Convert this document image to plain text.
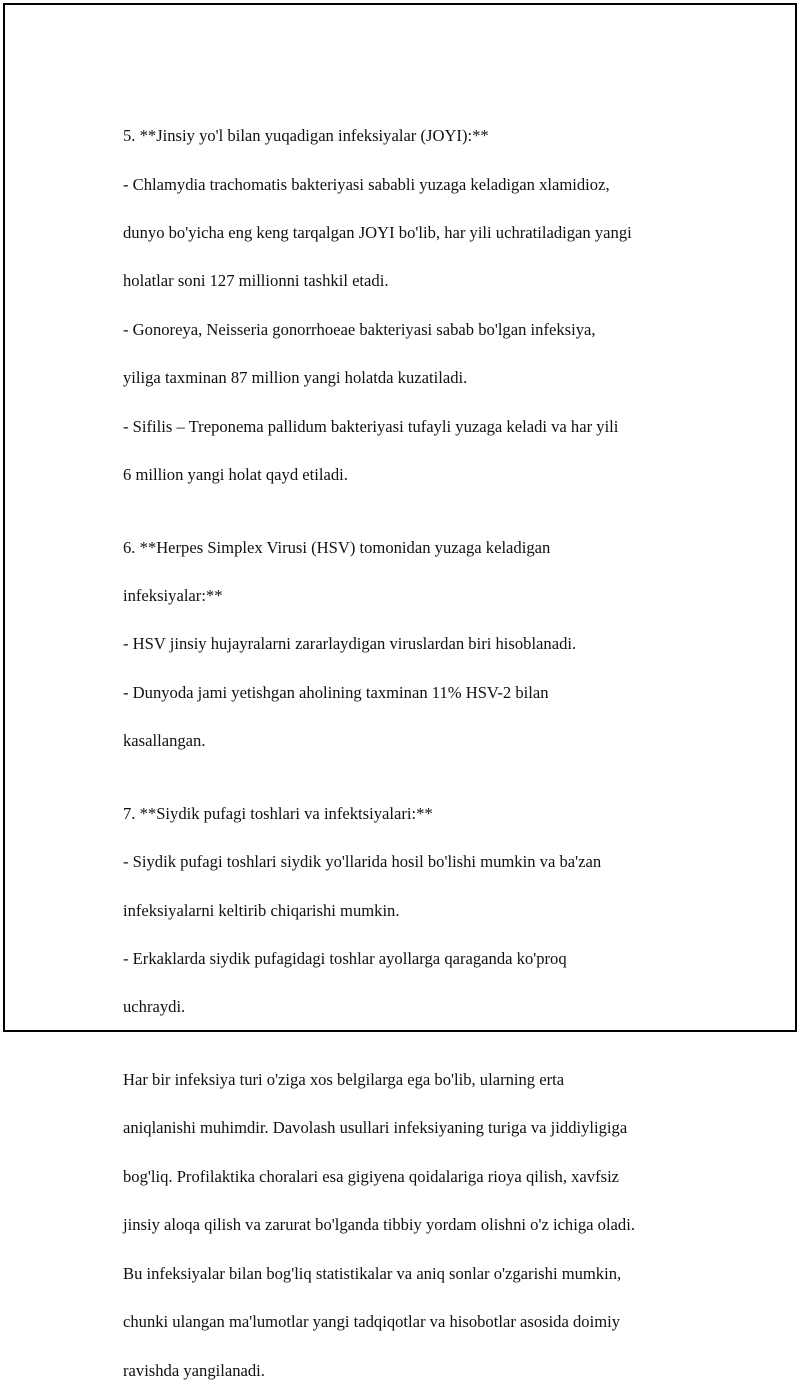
5. **Jinsiy yo'l bilan yuqadigan infeksiyalar (JOYI):**

- Chlamydia trachomatis bakteriyasi sababli yuzaga keladigan xlamidioz,

dunyo bo'yicha eng keng tarqalgan JOYI bo'lib, har yili uchratiladigan yangi

holatlar soni 127 millionni tashkil etadi.

- Gonoreya, Neisseria gonorrhoeae bakteriyasi sabab bo'lgan infeksiya,

yiliga taxminan 87 million yangi holatda kuzatiladi.

- Sifilis – Treponema pallidum bakteriyasi tufayli yuzaga keladi va har yili

6 million yangi holat qayd etiladi.

6. **Herpes Simplex Virusi (HSV) tomonidan yuzaga keladigan

infeksiyalar:**

- HSV jinsiy hujayralarni zararlaydigan viruslardan biri hisoblanadi.

- Dunyoda jami yetishgan aholining taxminan 11% HSV-2 bilan

kasallangan.

7. **Siydik pufagi toshlari va infektsiyalari:**

- Siydik pufagi toshlari siydik yo'llarida hosil bo'lishi mumkin va ba'zan

infeksiyalarni keltirib chiqarishi mumkin.

- Erkaklarda siydik pufagidagi toshlar ayollarga qaraganda ko'proq

uchraydi.

Har bir infeksiya turi o'ziga xos belgilarga ega bo'lib, ularning erta

aniqlanishi muhimdir. Davolash usullari infeksiyaning turiga va jiddiyligiga

bog'liq. Profilaktika choralari esa gigiyena qoidalariga rioya qilish, xavfsiz

jinsiy aloqa qilish va zarurat bo'lganda tibbiy yordam olishni o'z ichiga oladi.

Bu infeksiyalar bilan bog'liq statistikalar va aniq sonlar o'zgarishi mumkin,

chunki ulangan ma'lumotlar yangi tadqiqotlar va hisobotlar asosida doimiy

ravishda yangilanadi.
